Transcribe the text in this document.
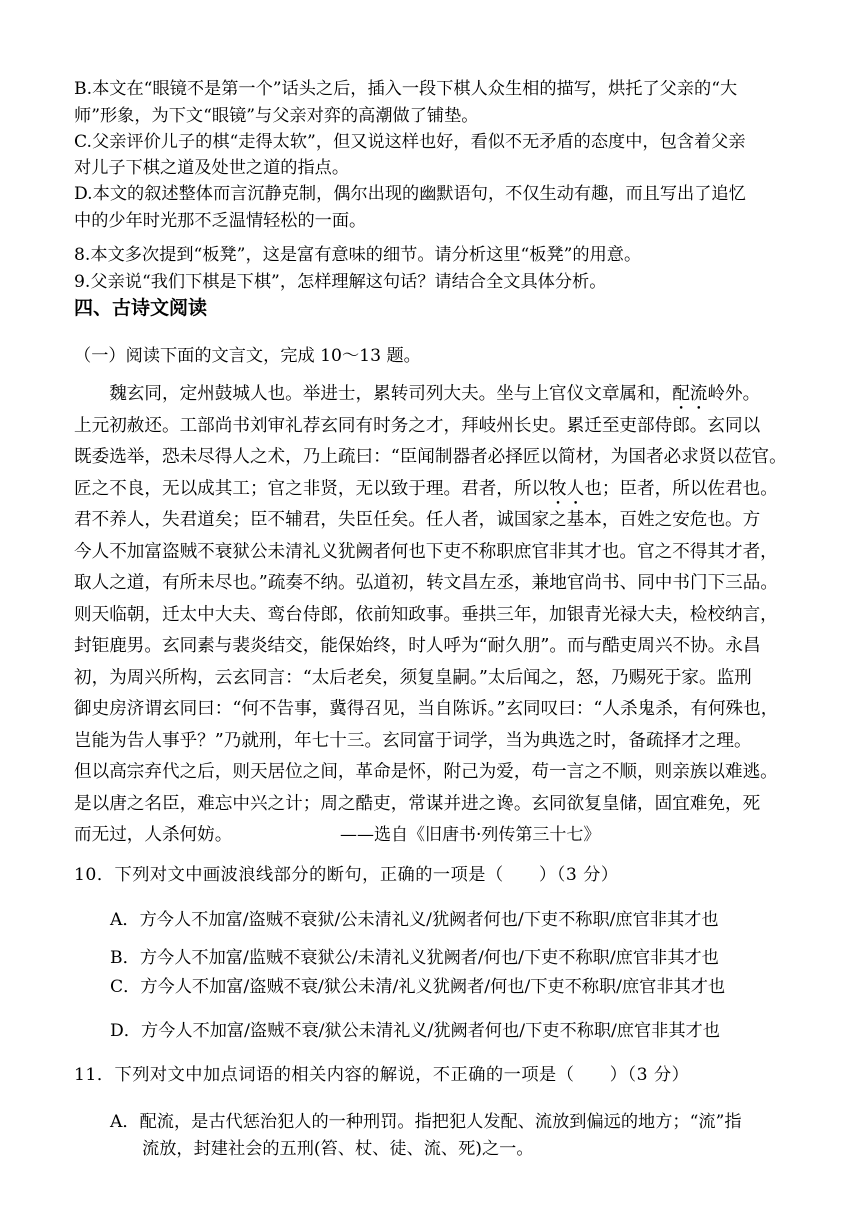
B.本文在“眼镜不是第一个”话头之后，插入一段下棋人众生相的描写，烘托了父亲的“大
师”形象，为下文“眼镜”与父亲对弈的高潮做了铺垫。
C.父亲评价儿子的棋“走得太软”，但又说这样也好，看似不无矛盾的态度中，包含着父亲
对儿子下棋之道及处世之道的指点。
D.本文的叙述整体而言沉静克制，偶尔出现的幽默语句，不仅生动有趣，而且写出了追忆
中的少年时光那不乏温情轻松的一面。
8.本文多次提到“板凳”，这是富有意味的细节。请分析这里“板凳”的用意。
9.父亲说“我们下棋是下棋”，怎样理解这句话？请结合全文具体分析。
四、古诗文阅读
（一）阅读下面的文言文，完成 10～13 题。
　　魏玄同，定州鼓城人也。举进士，累转司列大夫。坐与上官仪文章属和，配流岭外。
上元初赦还。工部尚书刘审礼荐玄同有时务之才，拜岐州长史。累迁至吏部侍郎。玄同以
既委选举，恐未尽得人之术，乃上疏曰：“臣闻制器者必择匠以简材，为国者必求贤以莅官。
匠之不良，无以成其工；官之非贤，无以致于理。君者，所以牧人也；臣者，所以佐君也。
君不养人，失君道矣；臣不辅君，失臣任矣。任人者，诚国家之基本，百姓之安危也。方
今人不加富盗贼不衰狱公未清礼义犹阙者何也下吏不称职庶官非其才也。官之不得其才者，
取人之道，有所未尽也。”疏奏不纳。弘道初，转文昌左丞，兼地官尚书、同中书门下三品。
则天临朝，迁太中大夫、鸾台侍郎，依前知政事。垂拱三年，加银青光禄大夫，检校纳言，
封钜鹿男。玄同素与裴炎结交，能保始终，时人呼为“耐久朋”。而与酷吏周兴不协。永昌
初，为周兴所构，云玄同言：“太后老矣，须复皇嗣。”太后闻之，怒，乃赐死于家。监刑
御史房济谓玄同曰：“何不告事，冀得召见，当自陈诉。”玄同叹曰：“人杀鬼杀，有何殊也，
岂能为告人事乎？”乃就刑，年七十三。玄同富于词学，当为典选之时，备疏择才之理。
但以高宗弃代之后，则天居位之间，革命是怀，附己为爱，苟一言之不顺，则亲族以难逃。
是以唐之名臣，难忘中兴之计；周之酷吏，常谋并进之谗。玄同欲复皇储，固宜难免，死
而无过，人杀何妨。	——选自《旧唐书·列传第三十七》
10．下列对文中画波浪线部分的断句，正确的一项是（　　）（3 分）
A．方今人不加富/盗贼不衰狱/公未清礼义/犹阙者何也/下吏不称职/庶官非其才也
B．方今人不加富/监贼不衰狱公/未清礼义犹阙者/何也/下吏不称职/庶官非其才也
C．方今人不加富/盗贼不衰/狱公未清/礼义犹阙者/何也/下吏不称职/庶官非其才也
D．方今人不加富/盗贼不衰/狱公未清礼义/犹阙者何也/下吏不称职/庶官非其才也
11．下列对文中加点词语的相关内容的解说，不正确的一项是（　　）（3 分）
A．配流，是古代惩治犯人的一种刑罚。指把犯人发配、流放到偏远的地方；“流”指
流放，封建社会的五刑(笞、杖、徒、流、死)之一。
